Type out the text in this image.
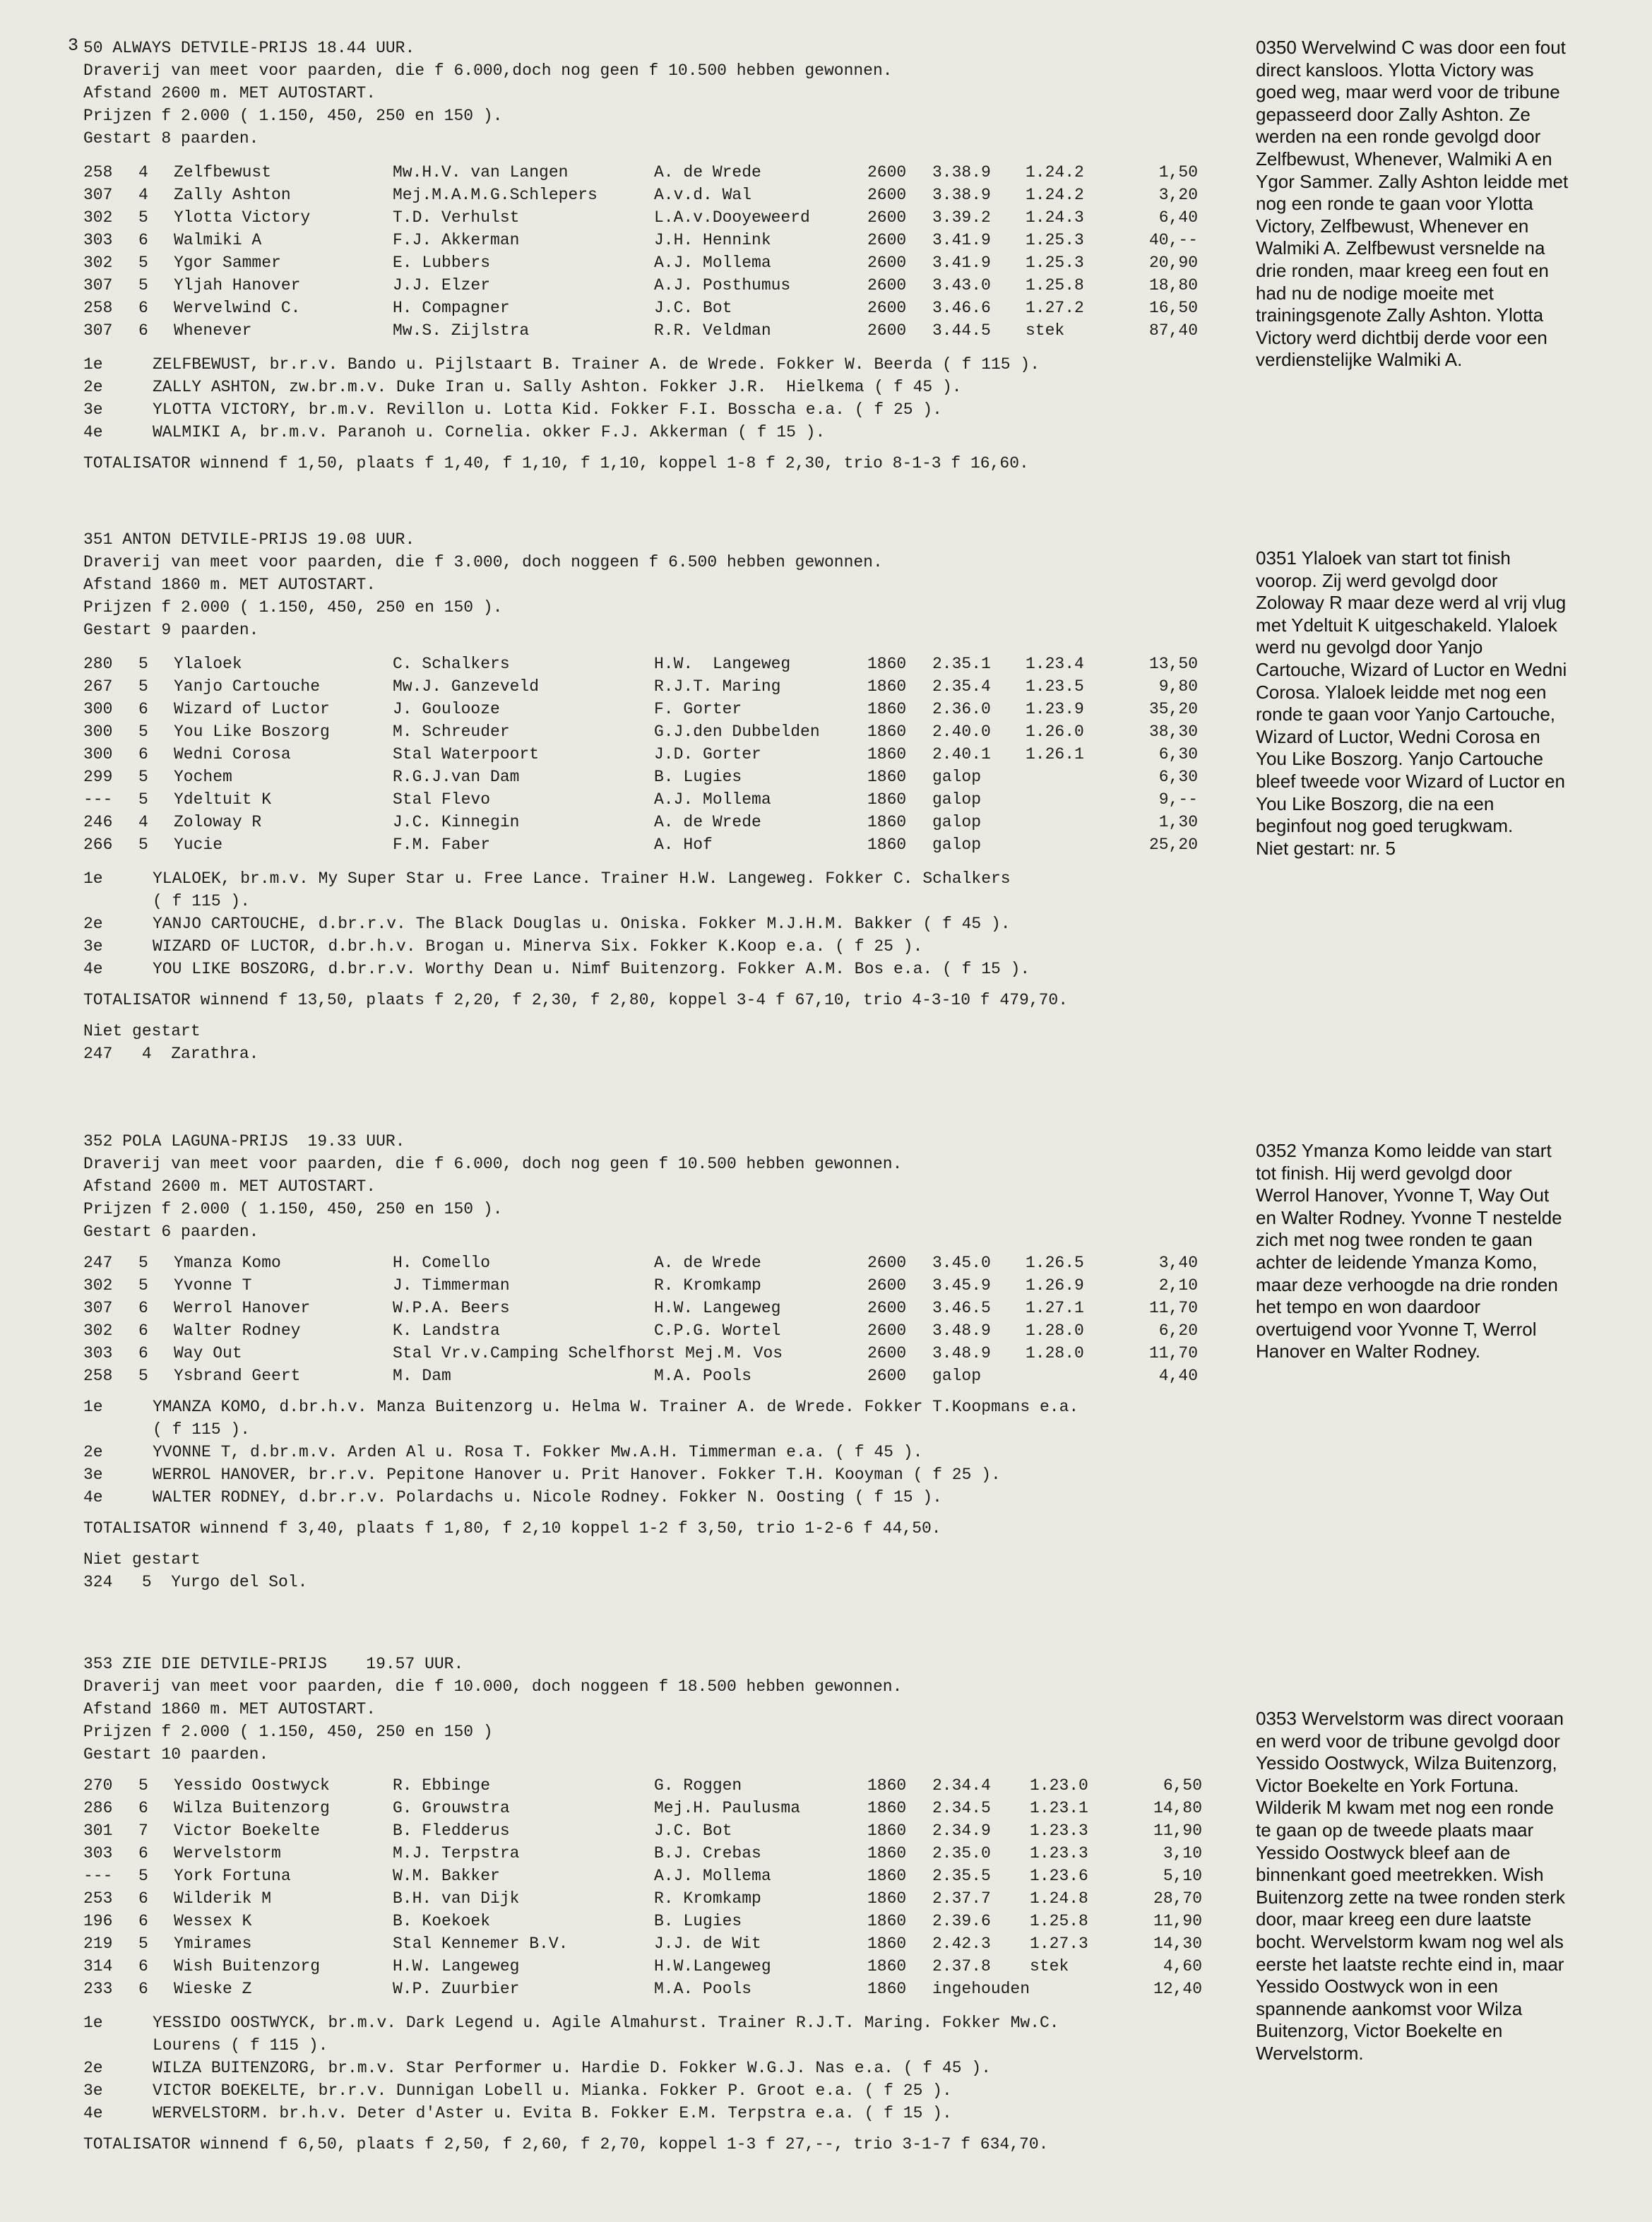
3 50 ALWAYS DETVILE-PRIJS 18.44 UUR.
Draverij van meet voor paarden, die f 6.000,doch nog geen f 10.500 hebben gewonnen.
Afstand 2600 m. MET AUTOSTART.
Prijzen f 2.000 ( 1.150, 450, 250 en 150 ).
Gestart 8 paarden.
258	4	Zelfbewust	Mw.H.V. van Langen	A. de Wrede	2600	3.38.9	1.24.2	1,50
307	4	Zally Ashton	Mej.M.A.M.G.Schlepers	A.v.d. Wal	2600	3.38.9	1.24.2	3,20
302	5	Ylotta Victory	T.D. Verhulst	L.A.v.Dooyeweerd	2600	3.39.2	1.24.3	6,40
303	6	Walmiki A	F.J. Akkerman	J.H. Hennink	2600	3.41.9	1.25.3	40,--
302	5	Ygor Sammer	E. Lubbers	A.J. Mollema	2600	3.41.9	1.25.3	20,90
307	5	Yljah Hanover	J.J. Elzer	A.J. Posthumus	2600	3.43.0	1.25.8	18,80
258	6	Wervelwind C.	H. Compagner	J.C. Bot	2600	3.46.6	1.27.2	16,50
307	6	Whenever	Mw.S. Zijlstra	R.R. Veldman	2600	3.44.5	stek	87,40
1e	ZELFBEWUST, br.r.v. Bando u. Pijlstaart B. Trainer A. de Wrede. Fokker W. Beerda ( f 115 ).
2e	ZALLY ASHTON, zw.br.m.v. Duke Iran u. Sally Ashton. Fokker J.R.  Hielkema ( f 45 ).
3e	YLOTTA VICTORY, br.m.v. Revillon u. Lotta Kid. Fokker F.I. Bosscha e.a. ( f 25 ).
4e	WALMIKI A, br.m.v. Paranoh u. Cornelia. okker F.J. Akkerman ( f 15 ).
TOTALISATOR winnend f 1,50, plaats f 1,40, f 1,10, f 1,10, koppel 1-8 f 2,30, trio 8-1-3 f 16,60.
351 ANTON DETVILE-PRIJS 19.08 UUR.
Draverij van meet voor paarden, die f 3.000, doch noggeen f 6.500 hebben gewonnen.
Afstand 1860 m. MET AUTOSTART.
Prijzen f 2.000 ( 1.150, 450, 250 en 150 ).
Gestart 9 paarden.
280	5	Ylaloek	C. Schalkers	H.W.  Langeweg	1860	2.35.1	1.23.4	13,50
267	5	Yanjo Cartouche	Mw.J. Ganzeveld	R.J.T. Maring	1860	2.35.4	1.23.5	9,80
300	6	Wizard of Luctor	J. Goulooze	F. Gorter	1860	2.36.0	1.23.9	35,20
300	5	You Like Boszorg	M. Schreuder	G.J.den Dubbelden	1860	2.40.0	1.26.0	38,30
300	6	Wedni Corosa	Stal Waterpoort	J.D. Gorter	1860	2.40.1	1.26.1	6,30
299	5	Yochem	R.G.J.van Dam	B. Lugies	1860	galop		6,30
---	5	Ydeltuit K	Stal Flevo	A.J. Mollema	1860	galop		9,--
246	4	Zoloway R	J.C. Kinnegin	A. de Wrede	1860	galop		1,30
266	5	Yucie	F.M. Faber	A. Hof	1860	galop		25,20
1e	YLALOEK, br.m.v. My Super Star u. Free Lance. Trainer H.W. Langeweg. Fokker C. Schalkers
( f 115 ).
2e	YANJO CARTOUCHE, d.br.r.v. The Black Douglas u. Oniska. Fokker M.J.H.M. Bakker ( f 45 ).
3e	WIZARD OF LUCTOR, d.br.h.v. Brogan u. Minerva Six. Fokker K.Koop e.a. ( f 25 ).
4e	YOU LIKE BOSZORG, d.br.r.v. Worthy Dean u. Nimf Buitenzorg. Fokker A.M. Bos e.a. ( f 15 ).
TOTALISATOR winnend f 13,50, plaats f 2,20, f 2,30, f 2,80, koppel 3-4 f 67,10, trio 4-3-10 f 479,70.
Niet gestart
247   4  Zarathra.
352 POLA LAGUNA-PRIJS  19.33 UUR.
Draverij van meet voor paarden, die f 6.000, doch nog geen f 10.500 hebben gewonnen.
Afstand 2600 m. MET AUTOSTART.
Prijzen f 2.000 ( 1.150, 450, 250 en 150 ).
Gestart 6 paarden.
247	5	Ymanza Komo	H. Comello	A. de Wrede	2600	3.45.0	1.26.5	3,40
302	5	Yvonne T	J. Timmerman	R. Kromkamp	2600	3.45.9	1.26.9	2,10
307	6	Werrol Hanover	W.P.A. Beers	H.W. Langeweg	2600	3.46.5	1.27.1	11,70
302	6	Walter Rodney	K. Landstra	C.P.G. Wortel	2600	3.48.9	1.28.0	6,20
303	6	Way Out	Stal Vr.v.Camping Schelfhorst Mej.M. Vos		2600	3.48.9	1.28.0	11,70
258	5	Ysbrand Geert	M. Dam	M.A. Pools	2600	galop		4,40
1e	YMANZA KOMO, d.br.h.v. Manza Buitenzorg u. Helma W. Trainer A. de Wrede. Fokker T.Koopmans e.a.
( f 115 ).
2e	YVONNE T, d.br.m.v. Arden Al u. Rosa T. Fokker Mw.A.H. Timmerman e.a. ( f 45 ).
3e	WERROL HANOVER, br.r.v. Pepitone Hanover u. Prit Hanover. Fokker T.H. Kooyman ( f 25 ).
4e	WALTER RODNEY, d.br.r.v. Polardachs u. Nicole Rodney. Fokker N. Oosting ( f 15 ).
TOTALISATOR winnend f 3,40, plaats f 1,80, f 2,10 koppel 1-2 f 3,50, trio 1-2-6 f 44,50.
Niet gestart
324   5  Yurgo del Sol.
353 ZIE DIE DETVILE-PRIJS    19.57 UUR.
Draverij van meet voor paarden, die f 10.000, doch noggeen f 18.500 hebben gewonnen.
Afstand 1860 m. MET AUTOSTART.
Prijzen f 2.000 ( 1.150, 450, 250 en 150 )
Gestart 10 paarden.
270	5	Yessido Oostwyck	R. Ebbinge	G. Roggen	1860	2.34.4	1.23.0	6,50
286	6	Wilza Buitenzorg	G. Grouwstra	Mej.H. Paulusma	1860	2.34.5	1.23.1	14,80
301	7	Victor Boekelte	B. Fledderus	J.C. Bot	1860	2.34.9	1.23.3	11,90
303	6	Wervelstorm	M.J. Terpstra	B.J. Crebas	1860	2.35.0	1.23.3	3,10
---	5	York Fortuna	W.M. Bakker	A.J. Mollema	1860	2.35.5	1.23.6	5,10
253	6	Wilderik M	B.H. van Dijk	R. Kromkamp	1860	2.37.7	1.24.8	28,70
196	6	Wessex K	B. Koekoek	B. Lugies	1860	2.39.6	1.25.8	11,90
219	5	Ymirames	Stal Kennemer B.V.	J.J. de Wit	1860	2.42.3	1.27.3	14,30
314	6	Wish Buitenzorg	H.W. Langeweg	H.W.Langeweg	1860	2.37.8	stek	4,60
233	6	Wieske Z	W.P. Zuurbier	M.A. Pools	1860	ingehouden		12,40
1e	YESSIDO OOSTWYCK, br.m.v. Dark Legend u. Agile Almahurst. Trainer R.J.T. Maring. Fokker Mw.C.
Lourens ( f 115 ).
2e	WILZA BUITENZORG, br.m.v. Star Performer u. Hardie D. Fokker W.G.J. Nas e.a. ( f 45 ).
3e	VICTOR BOEKELTE, br.r.v. Dunnigan Lobell u. Mianka. Fokker P. Groot e.a. ( f 25 ).
4e	WERVELSTORM. br.h.v. Deter d'Aster u. Evita B. Fokker E.M. Terpstra e.a. ( f 15 ).
TOTALISATOR winnend f 6,50, plaats f 2,50, f 2,60, f 2,70, koppel 1-3 f 27,--, trio 3-1-7 f 634,70.
0350 Wervelwind C was door een fout
direct kansloos. Ylotta Victory was
goed weg, maar werd voor de tribune
gepasseerd door Zally Ashton. Ze
werden na een ronde gevolgd door
Zelfbewust, Whenever, Walmiki A en
Ygor Sammer. Zally Ashton leidde met
nog een ronde te gaan voor Ylotta
Victory, Zelfbewust, Whenever en
Walmiki A. Zelfbewust versnelde na
drie ronden, maar kreeg een fout en
had nu de nodige moeite met
trainingsgenote Zally Ashton. Ylotta
Victory werd dichtbij derde voor een
verdienstelijke Walmiki A.
0351 Ylaloek van start tot finish
voorop. Zij werd gevolgd door
Zoloway R maar deze werd al vrij vlug
met Ydeltuit K uitgeschakeld. Ylaloek
werd nu gevolgd door Yanjo
Cartouche, Wizard of Luctor en Wedni
Corosa. Ylaloek leidde met nog een
ronde te gaan voor Yanjo Cartouche,
Wizard of Luctor, Wedni Corosa en
You Like Boszorg. Yanjo Cartouche
bleef tweede voor Wizard of Luctor en
You Like Boszorg, die na een
beginfout nog goed terugkwam.
Niet gestart: nr. 5
0352 Ymanza Komo leidde van start
tot finish. Hij werd gevolgd door
Werrol Hanover, Yvonne T, Way Out
en Walter Rodney. Yvonne T nestelde
zich met nog twee ronden te gaan
achter de leidende Ymanza Komo,
maar deze verhoogde na drie ronden
het tempo en won daardoor
overtuigend voor Yvonne T, Werrol
Hanover en Walter Rodney.
0353 Wervelstorm was direct vooraan
en werd voor de tribune gevolgd door
Yessido Oostwyck, Wilza Buitenzorg,
Victor Boekelte en York Fortuna.
Wilderik M kwam met nog een ronde
te gaan op de tweede plaats maar
Yessido Oostwyck bleef aan de
binnenkant goed meetrekken. Wish
Buitenzorg zette na twee ronden sterk
door, maar kreeg een dure laatste
bocht. Wervelstorm kwam nog wel als
eerste het laatste rechte eind in, maar
Yessido Oostwyck won in een
spannende aankomst voor Wilza
Buitenzorg, Victor Boekelte en
Wervelstorm.
